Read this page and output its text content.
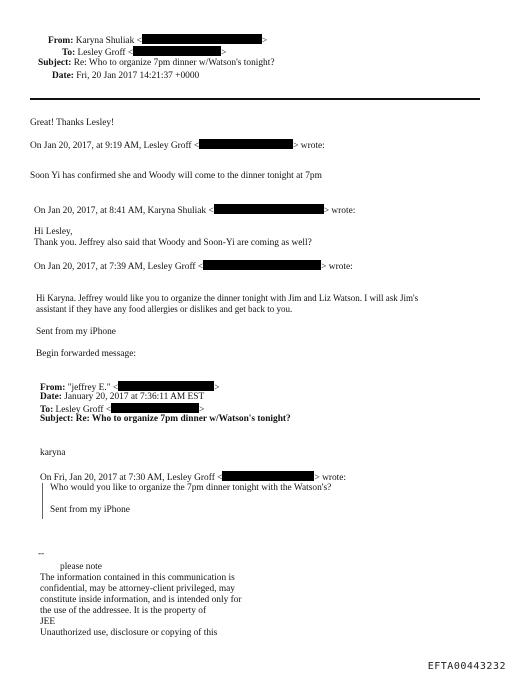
From: Karyna Shuliak <	>
To: Lesley Groff <	>
Subject: Re: Who to organize 7pm dinner w/Watson's tonight?
Date: Fri, 20 Jan 2017 14:21:37 +0000
Great! Thanks Lesley!
On Jan 20, 2017, at 9:19 AM, Lesley Groff <	> wrote:
Soon Yi has confirmed she and Woody will come to the dinner tonight at 7pm
On Jan 20, 2017, at 8:41 AM, Karyna Shuliak <	> wrote:
Hi Lesley,
Thank you. Jeffrey also said that Woody and Soon-Yi are coming as well?
On Jan 20, 2017, at 7:39 AM, Lesley Groff <	> wrote:
Hi Karyna. Jeffrey would like you to organize the dinner tonight with Jim and Liz Watson. I will ask Jim's
assistant if they have any food allergies or dislikes and get back to you.
Sent from my iPhone
Begin forwarded message:
From: "jeffrey E." <	>
Date: January 20, 2017 at 7:36:11 AM EST
To: Lesley Groff <	>
Subject: Re: Who to organize 7pm dinner w/Watson's tonight?
karyna
On Fri, Jan 20, 2017 at 7:30 AM, Lesley Groff <	> wrote:
Who would you like to organize the 7pm dinner tonight with the Watson's?
Sent from my iPhone
--
please note
The information contained in this communication is
confidential, may be attorney-client privileged, may
constitute inside information, and is intended only for
the use of the addressee. It is the property of
JEE
Unauthorized use, disclosure or copying of this
EFTA00443232
